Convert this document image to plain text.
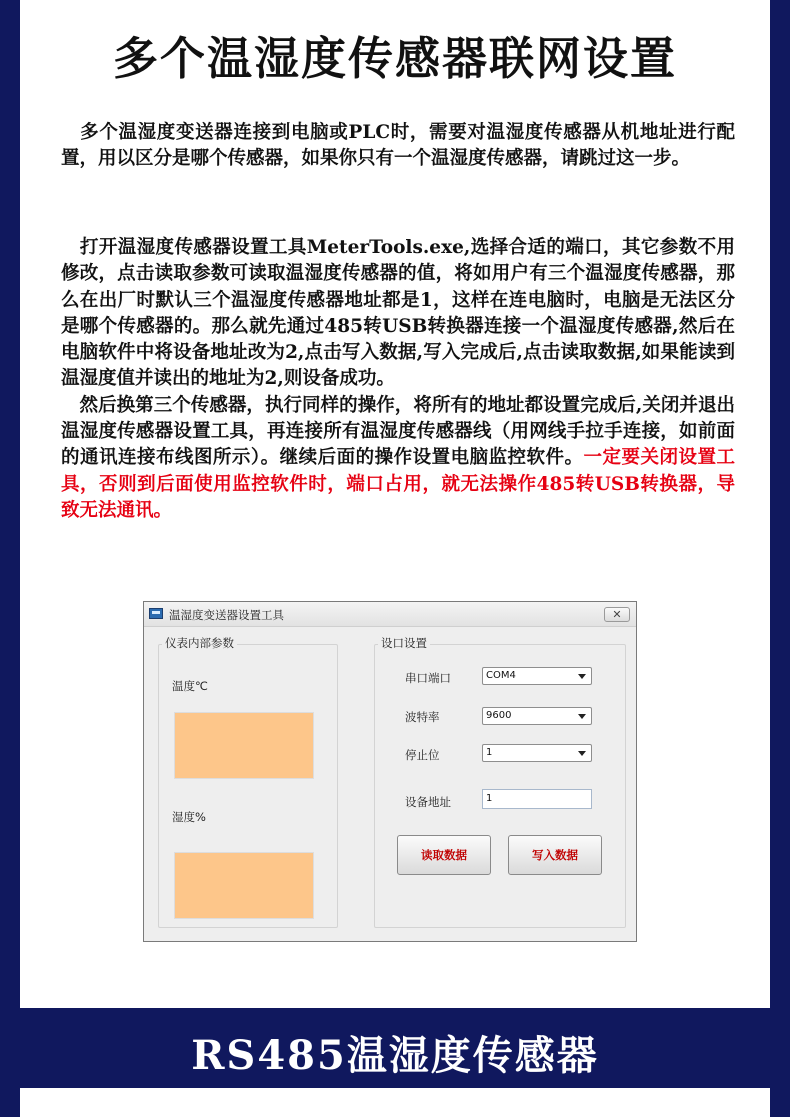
多个温湿度传感器联网设置
多个温湿度变送器连接到电脑或PLC时，需要对温湿度传感器从机地址进行配置，用以区分是哪个传感器，如果你只有一个温湿度传感器，请跳过这一步。
打开温湿度传感器设置工具MeterTools.exe,选择合适的端口，其它参数不用修改，点击读取参数可读取温湿度传感器的值，将如用户有三个温湿度传感器，那么在出厂时默认三个温湿度传感器地址都是1，这样在连电脑时，电脑是无法区分是哪个传感器的。那么就先通过485转USB转换器连接一个温湿度传感器,然后在电脑软件中将设备地址改为2,点击写入数据,写入完成后,点击读取数据,如果能读到温湿度值并读出的地址为2,则设备成功。
然后换第三个传感器，执行同样的操作，将所有的地址都设置完成后,关闭并退出温湿度传感器设置工具，再连接所有温湿度传感器线（用网线手拉手连接，如前面的通讯连接布线图所示）。继续后面的操作设置电脑监控软件。一定要关闭设置工具，否则到后面使用监控软件时，端口占用，就无法操作485转USB转换器，导致无法通讯。
温湿度变送器设置工具	✕
仪表内部参数
温度℃
湿度%
设口设置
串口端口	COM4
波特率	9600
停止位	1
设备地址	1
读取数据	写入数据
RS485温湿度传感器
